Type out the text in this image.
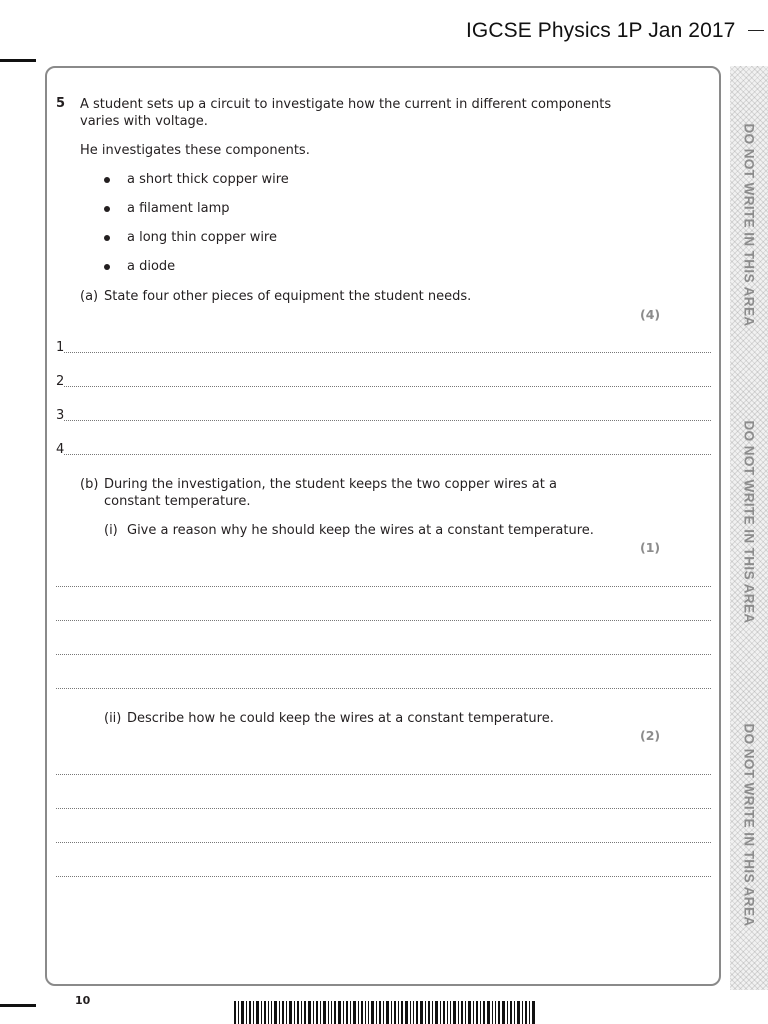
IGCSE Physics 1P Jan 2017
DO NOT WRITE IN THIS AREA
DO NOT WRITE IN THIS AREA
DO NOT WRITE IN THIS AREA
5 A student sets up a circuit to investigate how the current in different components
varies with voltage.
He investigates these components.
a short thick copper wire
a filament lamp
a long thin copper wire
a diode
(a) State four other pieces of equipment the student needs.
(4)
1
2
3
4
(b) During the investigation, the student keeps the two copper wires at a
constant temperature.
(i) Give a reason why he should keep the wires at a constant temperature.
(1)
(ii) Describe how he could keep the wires at a constant temperature.
(2)
10
